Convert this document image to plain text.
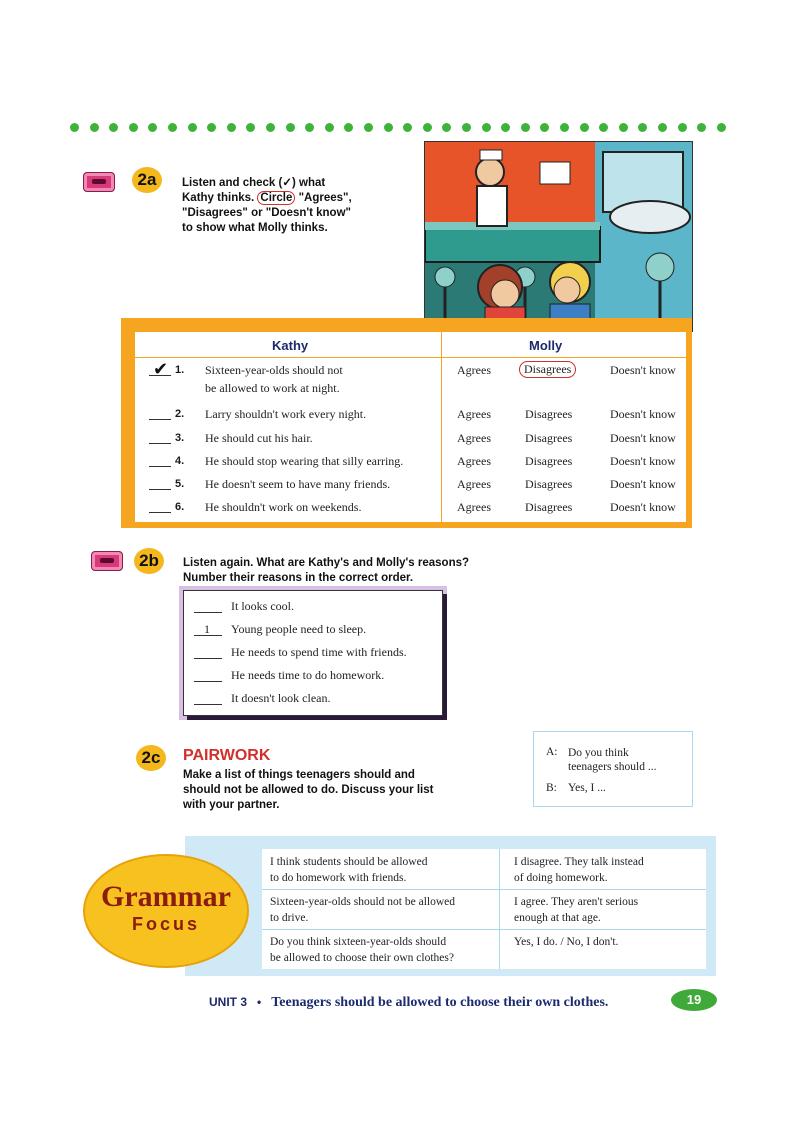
2a	Listen and check (✓) what
Kathy thinks. Circle "Agrees",
"Disagrees" or "Doesn't know"
to show what Molly thinks.
Kathy	Molly
✔ 1. Sixteen-year-olds should not
be allowed to work at night.
Agrees	Disagrees	Doesn't know
2. Larry shouldn't work every night.	Agrees	Disagrees	Doesn't know
3. He should cut his hair.	Agrees	Disagrees	Doesn't know
4. He should stop wearing that silly earring.	Agrees	Disagrees	Doesn't know
5. He doesn't seem to have many friends.	Agrees	Disagrees	Doesn't know
6. He shouldn't work on weekends.	Agrees	Disagrees	Doesn't know
2b	Listen again. What are Kathy's and Molly's reasons?
Number their reasons in the correct order.
It looks cool.
1 Young people need to sleep.
He needs to spend time with friends.
He needs time to do homework.
It doesn't look clean.
2c	PAIRWORK
Make a list of things teenagers should and
should not be allowed to do. Discuss your list
with your partner.
A: Do you think
teenagers should ...
B: Yes, I ...
I think students should be allowed
to do homework with friends.
I disagree. They talk instead
of doing homework.
Sixteen-year-olds should not be allowed
to drive.
I agree. They aren't serious
enough at that age.
Do you think sixteen-year-olds should
be allowed to choose their own clothes?
Yes, I do. / No, I don't.

Grammar
Focus
UNIT 3 • Teenagers should be allowed to choose their own clothes.	19
